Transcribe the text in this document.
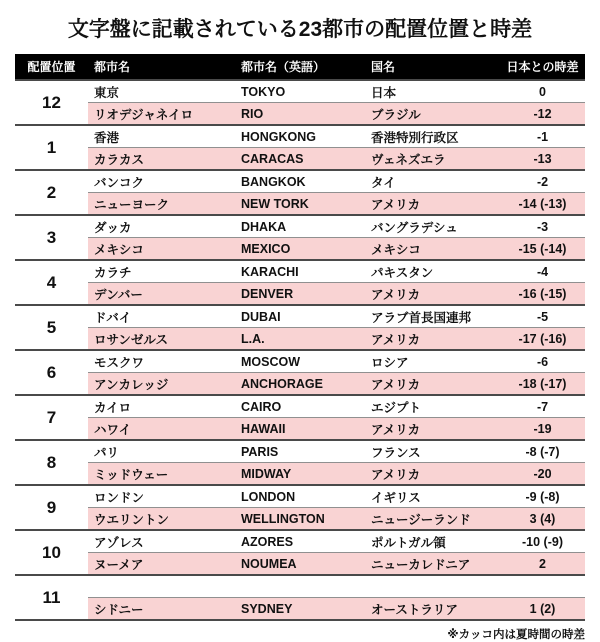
文字盤に記載されている23都市の配置位置と時差
配置位置	都市名	都市名（英語）	国名	日本との時差
12	東京	TOKYO	日本	0
	リオデジャネイロ	RIO	ブラジル	-12
1	香港	HONGKONG	香港特別行政区	-1
	カラカス	CARACAS	ヴェネズエラ	-13
2	バンコク	BANGKOK	タイ	-2
	ニューヨーク	NEW TORK	アメリカ	-14 (-13)
3	ダッカ	DHAKA	バングラデシュ	-3
	メキシコ	MEXICO	メキシコ	-15 (-14)
4	カラチ	KARACHI	パキスタン	-4
	デンバー	DENVER	アメリカ	-16 (-15)
5	ドバイ	DUBAI	アラブ首長国連邦	-5
	ロサンゼルス	L.A.	アメリカ	-17 (-16)
6	モスクワ	MOSCOW	ロシア	-6
	アンカレッジ	ANCHORAGE	アメリカ	-18 (-17)
7	カイロ	CAIRO	エジプト	-7
	ハワイ	HAWAII	アメリカ	-19
8	パリ	PARIS	フランス	-8 (-7)
	ミッドウェー	MIDWAY	アメリカ	-20
9	ロンドン	LONDON	イギリス	-9 (-8)
	ウエリントン	WELLINGTON	ニュージーランド	3 (4)
10	アゾレス	AZORES	ポルトガル領	-10 (-9)
	ヌーメア	NOUMEA	ニューカレドニア	2
11				
	シドニー	SYDNEY	オーストラリア	1 (2)
※カッコ内は夏時間の時差
